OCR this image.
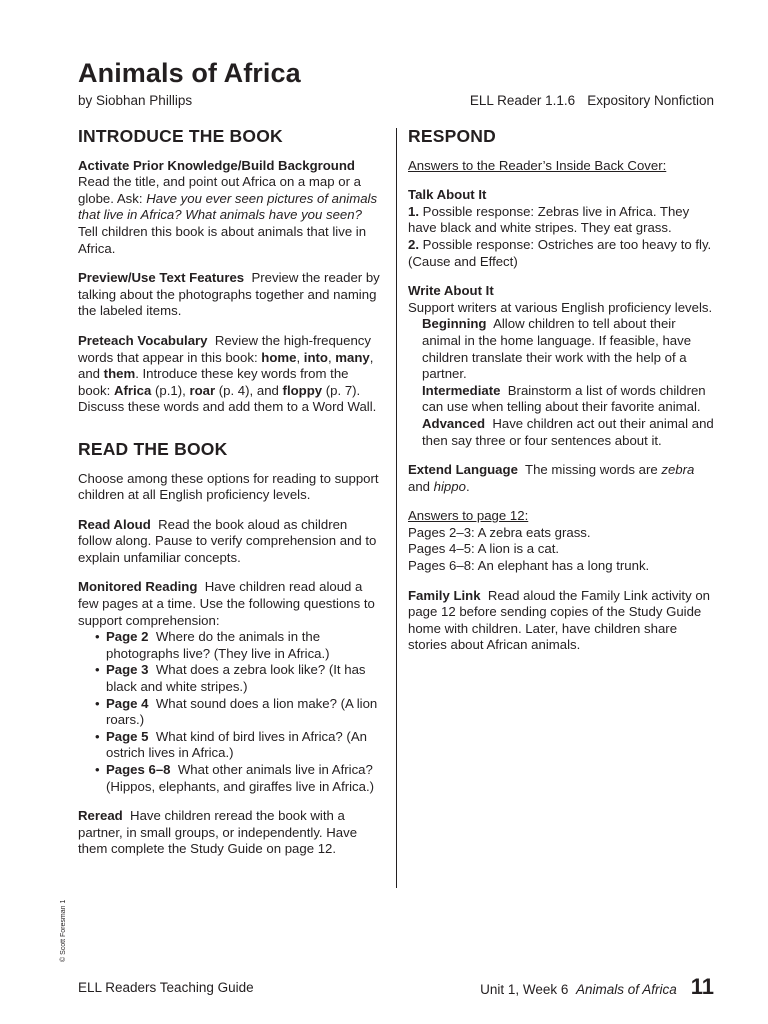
Animals of Africa
by Siobhan Phillips	ELL Reader 1.1.6 Expository Nonfiction
INTRODUCE THE BOOK

Activate Prior Knowledge/Build Background  Read the title, and point out Africa on a map or a globe. Ask: Have you ever seen pictures of animals that live in Africa? What animals have you seen? Tell children this book is about animals that live in Africa.

Preview/Use Text Features Preview the reader by talking about the photographs together and naming the labeled items.

Preteach Vocabulary Review the high-frequency words that appear in this book: home, into, many, and them. Introduce these key words from the book: Africa (p.1), roar (p. 4), and floppy (p. 7). Discuss these words and add them to a Word Wall.

READ THE BOOK

Choose among these options for reading to support children at all English proficiency levels.

Read Aloud Read the book aloud as children follow along. Pause to verify comprehension and to explain unfamiliar concepts.

Monitored Reading Have children read aloud a few pages at a time. Use the following questions to support comprehension:

• Page 2 Where do the animals in the photographs live? (They live in Africa.)
• Page 3 What does a zebra look like? (It has black and white stripes.)
• Page 4 What sound does a lion make? (A lion roars.)
• Page 5 What kind of bird lives in Africa? (An ostrich lives in Africa.)
• Pages 6–8 What other animals live in Africa? (Hippos, elephants, and giraffes live in Africa.)

Reread Have children reread the book with a partner, in small groups, or independently. Have them complete the Study Guide on page 12.

RESPOND

Answers to the Reader’s Inside Back Cover:

Talk About It

1. Possible response: Zebras live in Africa. They have black and white stripes. They eat grass.

2. Possible response: Ostriches are too heavy to fly. (Cause and Effect)

Write About It

Support writers at various English proficiency levels.

Beginning Allow children to tell about their animal in the home language. If feasible, have children translate their work with the help of a partner.

Intermediate Brainstorm a list of words children can use when telling about their favorite animal.

Advanced Have children act out their animal and then say three or four sentences about it.

Extend Language The missing words are zebra and hippo.

Answers to page 12:

Pages 2–3: A zebra eats grass.
Pages 4–5: A lion is a cat.
Pages 6–8: An elephant has a long trunk.

Family Link Read aloud the Family Link activity on page 12 before sending copies of the Study Guide home with children. Later, have children share stories about African animals.

© Scott Foresman 1
ELL Readers Teaching Guide	Unit 1, Week 6
Animals of Africa 11
